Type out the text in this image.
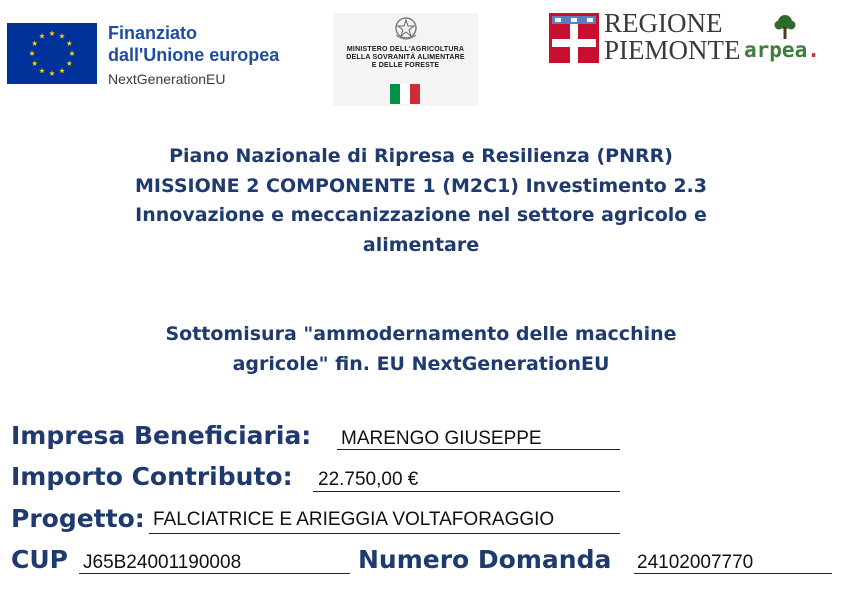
Finanziato
dall'Unione europea
NextGenerationEU
MINISTERO DELL'AGRICOLTURA
DELLA SOVRANITÀ ALIMENTARE
E DELLE FORESTE
REGIONE
PIEMONTE arpea.
Piano Nazionale di Ripresa e Resilienza (PNRR)
MISSIONE 2 COMPONENTE 1 (M2C1) Investimento 2.3
Innovazione e meccanizzazione nel settore agricolo e
alimentare
Sottomisura "ammodernamento delle macchine
agricole" fin. EU NextGenerationEU
Impresa Beneficiaria: MARENGO GIUSEPPE
Importo Contributo: 22.750,00 €
Progetto: FALCIATRICE E ARIEGGIA VOLTAFORAGGIO
CUP J65B24001190008	Numero Domanda 24102007770
